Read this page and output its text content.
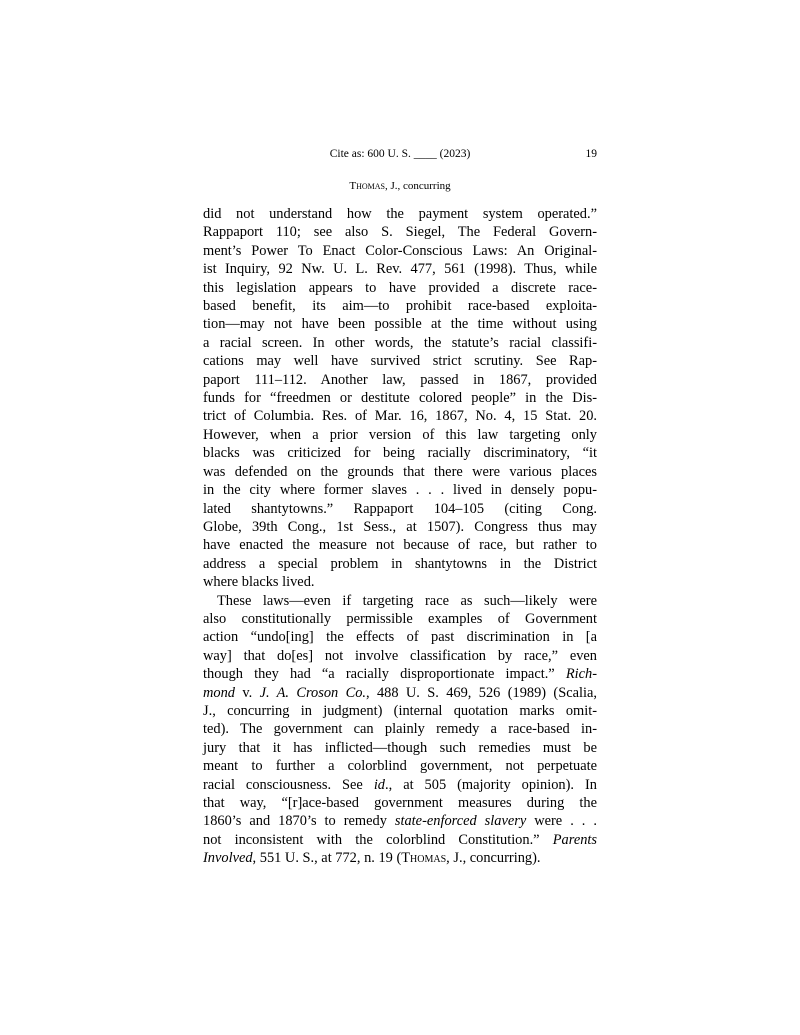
Cite as: 600 U. S. ____ (2023)	19
Thomas, J., concurring
did not understand how the payment system operated.”
Rappaport 110; see also S. Siegel, The Federal Govern-
ment’s Power To Enact Color-Conscious Laws: An Original-
ist Inquiry, 92 Nw. U. L. Rev. 477, 561 (1998). Thus, while
this legislation appears to have provided a discrete race-
based benefit, its aim—to prohibit race-based exploita-
tion—may not have been possible at the time without using
a racial screen. In other words, the statute’s racial classifi-
cations may well have survived strict scrutiny. See Rap-
paport 111–112. Another law, passed in 1867, provided
funds for “freedmen or destitute colored people” in the Dis-
trict of Columbia. Res. of Mar. 16, 1867, No. 4, 15 Stat. 20.
However, when a prior version of this law targeting only
blacks was criticized for being racially discriminatory, “it
was defended on the grounds that there were various places
in the city where former slaves . . . lived in densely popu-
lated shantytowns.” Rappaport 104–105 (citing Cong.
Globe, 39th Cong., 1st Sess., at 1507). Congress thus may
have enacted the measure not because of race, but rather to
address a special problem in shantytowns in the District
where blacks lived.
These laws—even if targeting race as such—likely were
also constitutionally permissible examples of Government
action “undo[ing] the effects of past discrimination in [a
way] that do[es] not involve classification by race,” even
though they had “a racially disproportionate impact.” Rich-
mond v. J. A. Croson Co., 488 U. S. 469, 526 (1989) (Scalia,
J., concurring in judgment) (internal quotation marks omit-
ted). The government can plainly remedy a race-based in-
jury that it has inflicted—though such remedies must be
meant to further a colorblind government, not perpetuate
racial consciousness. See id., at 505 (majority opinion). In
that way, “[r]ace-based government measures during the
1860’s and 1870’s to remedy state-enforced slavery were . . .
not inconsistent with the colorblind Constitution.” Parents
Involved, 551 U. S., at 772, n. 19 (Thomas, J., concurring).
